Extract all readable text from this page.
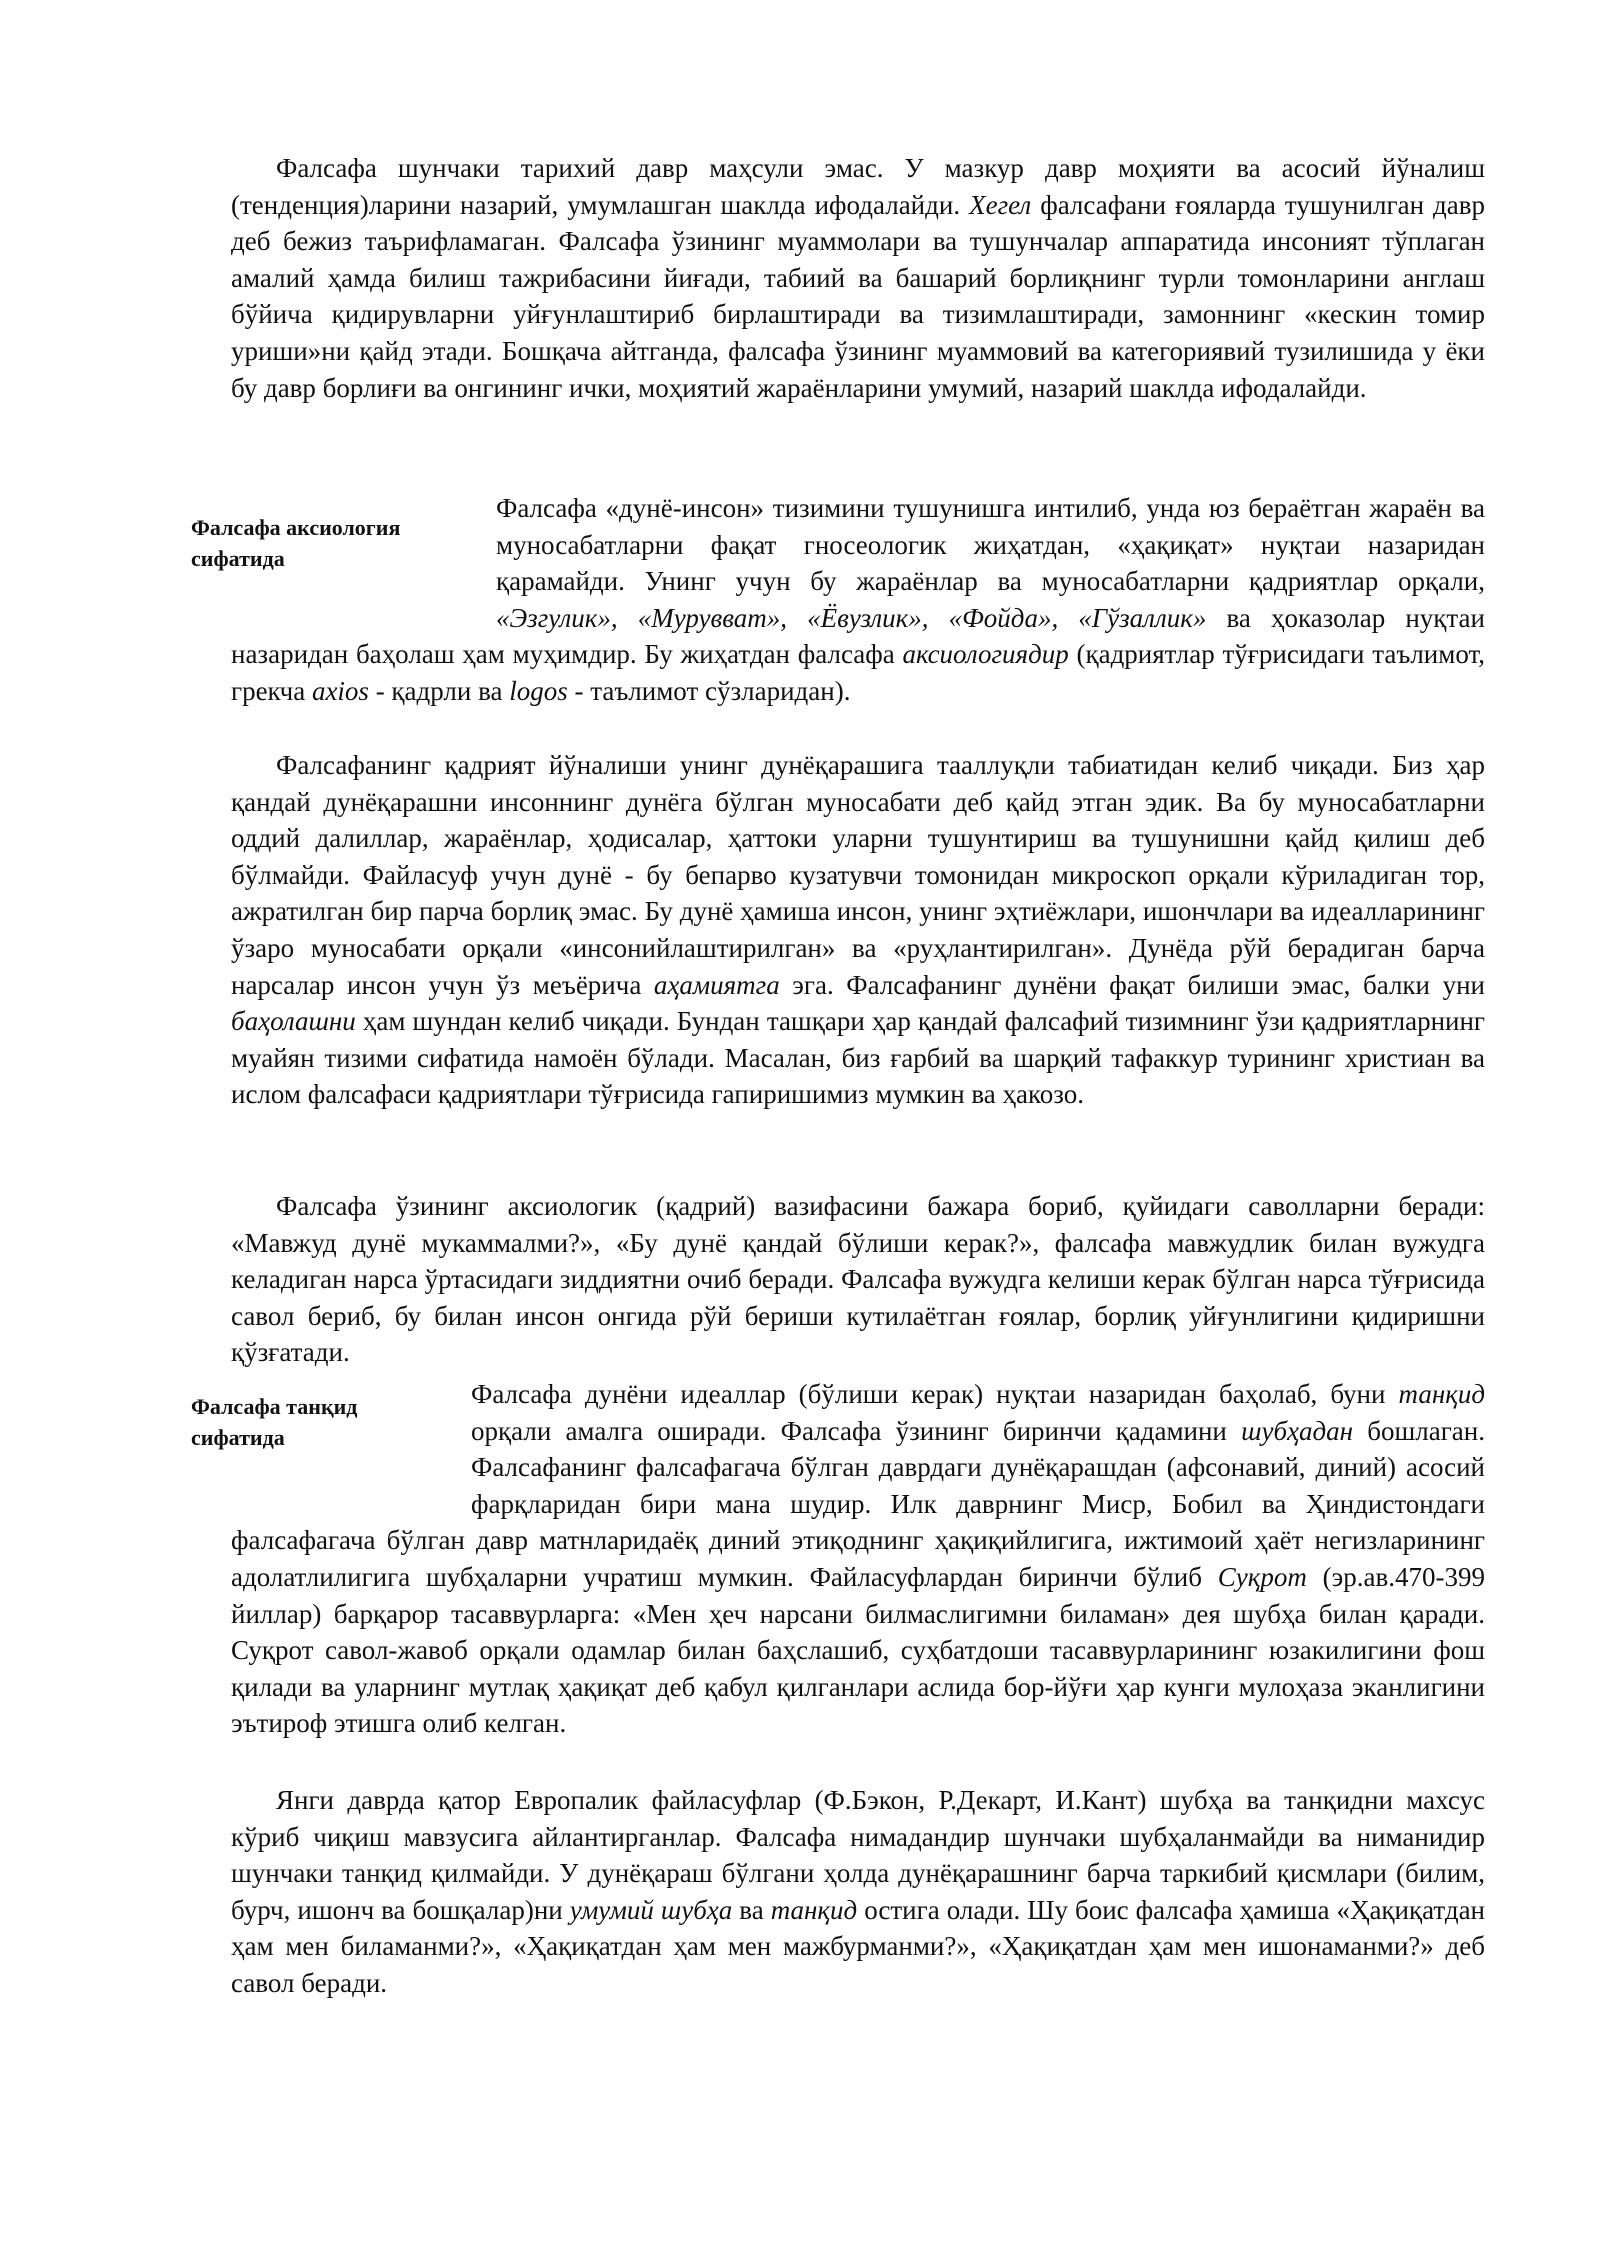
Фалсафа шунчаки тарихий давр маҳсули эмас. У мазкур давр моҳияти ва асосий йўналиш (тенденция)ларини назарий, умумлашган шаклда ифодалайди. Хегел фалсафани ғояларда тушунилган давр деб бежиз таърифламаган. Фалсафа ўзининг муаммолари ва тушунчалар аппаратида инсоният тўплаган амалий ҳамда билиш тажрибасини йиғади, табиий ва башарий борлиқнинг турли томонларини англаш бўйича қидирувларни уйғунлаштириб бирлаштиради ва тизимлаштиради, замоннинг «кескин томир уриши»ни қайд этади. Бошқача айтганда, фалсафа ўзининг муаммовий ва категориявий тузилишида у ёки бу давр борлиғи ва онгининг ички, моҳиятий жараёнларини умумий, назарий шаклда ифодалайди.

Фалсафа аксиология
сифатида
Фалсафа «дунё-инсон» тизимини тушунишга интилиб, унда юз бераётган жараён ва муносабатларни фақат гносеологик жиҳатдан, «ҳақиқат» нуқтаи назаридан қарамайди. Унинг учун бу жараёнлар ва муносабатларни қадриятлар орқали, «Эзгулик», «Мурувват», «Ёвузлик», «Фойда», «Гўзаллик» ва ҳоказолар нуқтаи назаридан баҳолаш ҳам муҳимдир. Бу жиҳатдан фалсафа аксиологиядир (қадриятлар тўғрисидаги таълимот, грекча axios - қадрли ва logos - таълимот сўзларидан).

Фалсафанинг қадрият йўналиши унинг дунёқарашига тааллуқли табиатидан келиб чиқади. Биз ҳар қандай дунёқарашни инсоннинг дунёга бўлган муносабати деб қайд этган эдик. Ва бу муносабатларни оддий далиллар, жараёнлар, ҳодисалар, ҳаттоки уларни тушунтириш ва тушунишни қайд қилиш деб бўлмайди. Файласуф учун дунё - бу бепарво кузатувчи томонидан микроскоп орқали кўриладиган тор, ажратилган бир парча борлиқ эмас. Бу дунё ҳамиша инсон, унинг эҳтиёжлари, ишончлари ва идеалларининг ўзаро муносабати орқали «инсонийлаштирилган» ва «руҳлантирилган». Дунёда рўй берадиган барча нарсалар инсон учун ўз меъёрича аҳамиятга эга. Фалсафанинг дунёни фақат билиши эмас, балки уни баҳолашни ҳам шундан келиб чиқади. Бундан ташқари ҳар қандай фалсафий тизимнинг ўзи қадриятларнинг муайян тизими сифатида намоён бўлади. Масалан, биз ғарбий ва шарқий тафаккур турининг христиан ва ислом фалсафаси қадриятлари тўғрисида гапиришимиз мумкин ва ҳакозо.

Фалсафа ўзининг аксиологик (қадрий) вазифасини бажара бориб, қуйидаги саволларни беради: «Мавжуд дунё мукаммалми?», «Бу дунё қандай бўлиши керак?», фалсафа мавжудлик билан вужудга келадиган нарса ўртасидаги зиддиятни очиб беради. Фалсафа вужудга келиши керак бўлган нарса тўғрисида савол бериб, бу билан инсон онгида рўй бериши кутилаётган ғоялар, борлиқ уйғунлигини қидиришни қўзғатади.

Фалсафа танқид
сифатида
Фалсафа дунёни идеаллар (бўлиши керак) нуқтаи назаридан баҳолаб, буни танқид орқали амалга оширади. Фалсафа ўзининг биринчи қадамини шубҳадан бошлаган. Фалсафанинг фалсафагача бўлган даврдаги дунёқарашдан (афсонавий, диний) асосий фарқларидан бири мана шудир. Илк даврнинг Миср, Бобил ва Ҳиндистондаги фалсафагача бўлган давр матнлaридаёқ диний этиқоднинг ҳақиқийлигига, ижтимоий ҳаёт негизларининг адолатлилигига шубҳаларни учратиш мумкин. Файласуфлардан биринчи бўлиб Суқрот (эр.ав.470-399 йиллар) барқарор тасаввурларга: «Мен ҳеч нарсани билмаслигимни биламан» дея шубҳа билан қаради. Суқрот савол-жавоб орқали одамлар билан баҳслашиб, суҳбатдоши тасаввурларининг юзакилигини фош қилади ва уларнинг мутлақ ҳақиқат деб қабул қилганлари аслида бор-йўғи ҳар кунги мулоҳаза эканлигини эътироф этишга олиб келган.

Янги даврда қатор Европалик файласуфлар (Ф.Бэкон, Р.Декарт, И.Кант) шубҳа ва танқидни махсус кўриб чиқиш мавзусига айлантирганлар. Фалсафа нимадандир шунчаки шубҳаланмайди ва ниманидир шунчаки танқид қилмайди. У дунёқараш бўлгани ҳолда дунёқарашнинг барча таркибий қисмлари (билим, бурч, ишонч ва бошқалар)ни умумий шубҳа ва танқид остига олади. Шу боис фалсафа ҳамиша «Ҳақиқатдан ҳам мен биламанми?», «Ҳақиқатдан ҳам мен мажбурманми?», «Ҳақиқатдан ҳам мен ишонаманми?» деб савол беради.
